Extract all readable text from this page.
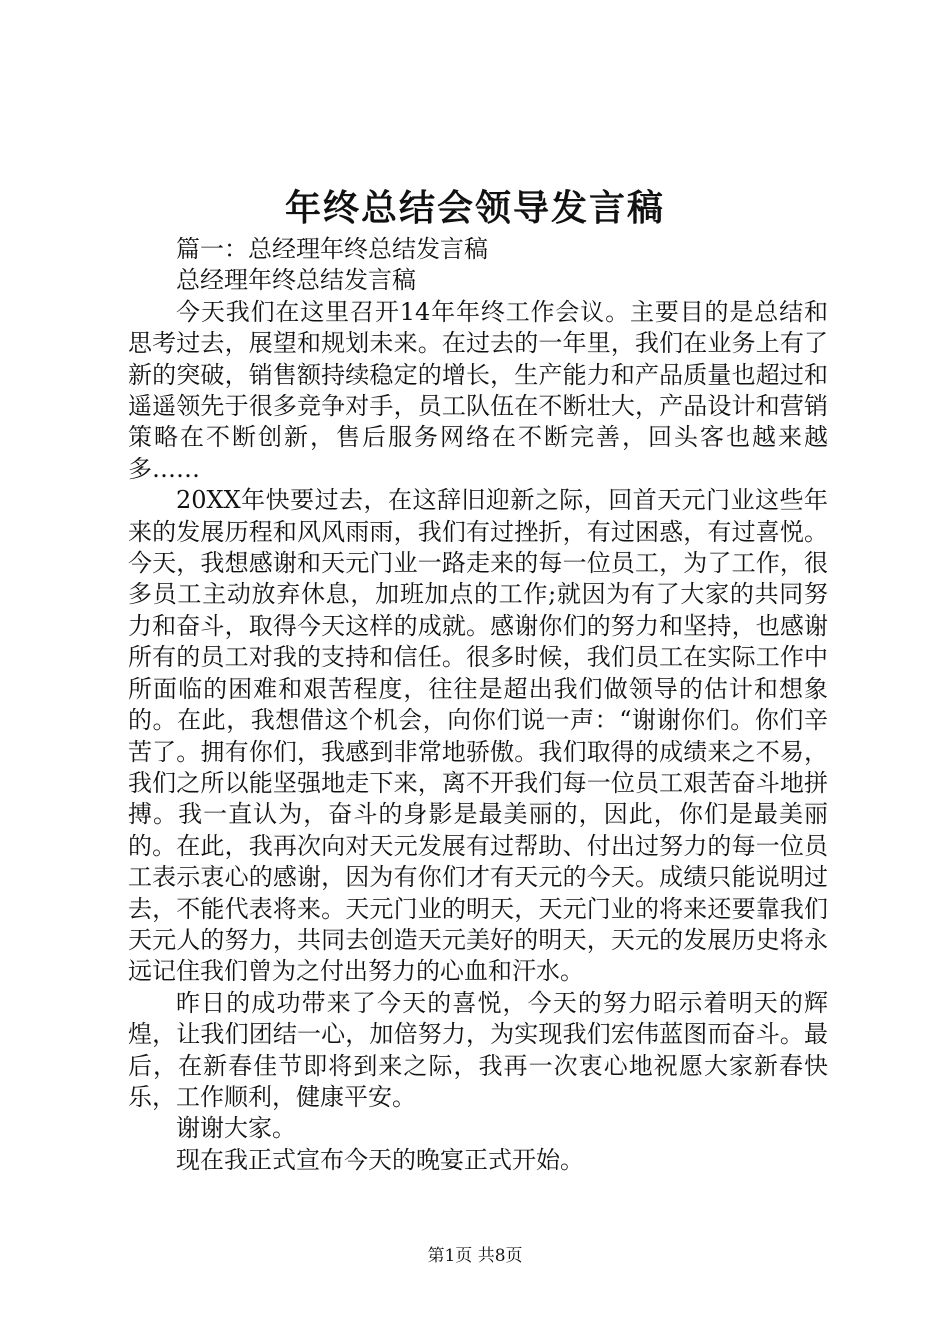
年终总结会领导发言稿

篇一：总经理年终总结发言稿

总经理年终总结发言稿

今天我们在这里召开14年年终工作会议。主要目的是总结和思考过去，展望和规划未来。在过去的一年里，我们在业务上有了新的突破，销售额持续稳定的增长，生产能力和产品质量也超过和遥遥领先于很多竞争对手，员工队伍在不断壮大，产品设计和营销策略在不断创新，售后服务网络在不断完善，回头客也越来越多……

20XX年快要过去，在这辞旧迎新之际，回首天元门业这些年来的发展历程和风风雨雨，我们有过挫折，有过困惑，有过喜悦。今天，我想感谢和天元门业一路走来的每一位员工，为了工作，很多员工主动放弃休息，加班加点的工作;就因为有了大家的共同努力和奋斗，取得今天这样的成就。感谢你们的努力和坚持，也感谢所有的员工对我的支持和信任。很多时候，我们员工在实际工作中所面临的困难和艰苦程度，往往是超出我们做领导的估计和想象的。在此，我想借这个机会，向你们说一声：“谢谢你们。你们辛苦了。拥有你们，我感到非常地骄傲。我们取得的成绩来之不易，我们之所以能坚强地走下来，离不开我们每一位员工艰苦奋斗地拼搏。我一直认为，奋斗的身影是最美丽的，因此，你们是最美丽的。在此，我再次向对天元发展有过帮助、付出过努力的每一位员工表示衷心的感谢，因为有你们才有天元的今天。成绩只能说明过去，不能代表将来。天元门业的明天，天元门业的将来还要靠我们天元人的努力，共同去创造天元美好的明天，天元的发展历史将永远记住我们曾为之付出努力的心血和汗水。

昨日的成功带来了今天的喜悦，今天的努力昭示着明天的辉煌，让我们团结一心，加倍努力，为实现我们宏伟蓝图而奋斗。最后，在新春佳节即将到来之际，我再一次衷心地祝愿大家新春快乐，工作顺利，健康平安。

谢谢大家。

现在我正式宣布今天的晚宴正式开始。

第1页 共8页
